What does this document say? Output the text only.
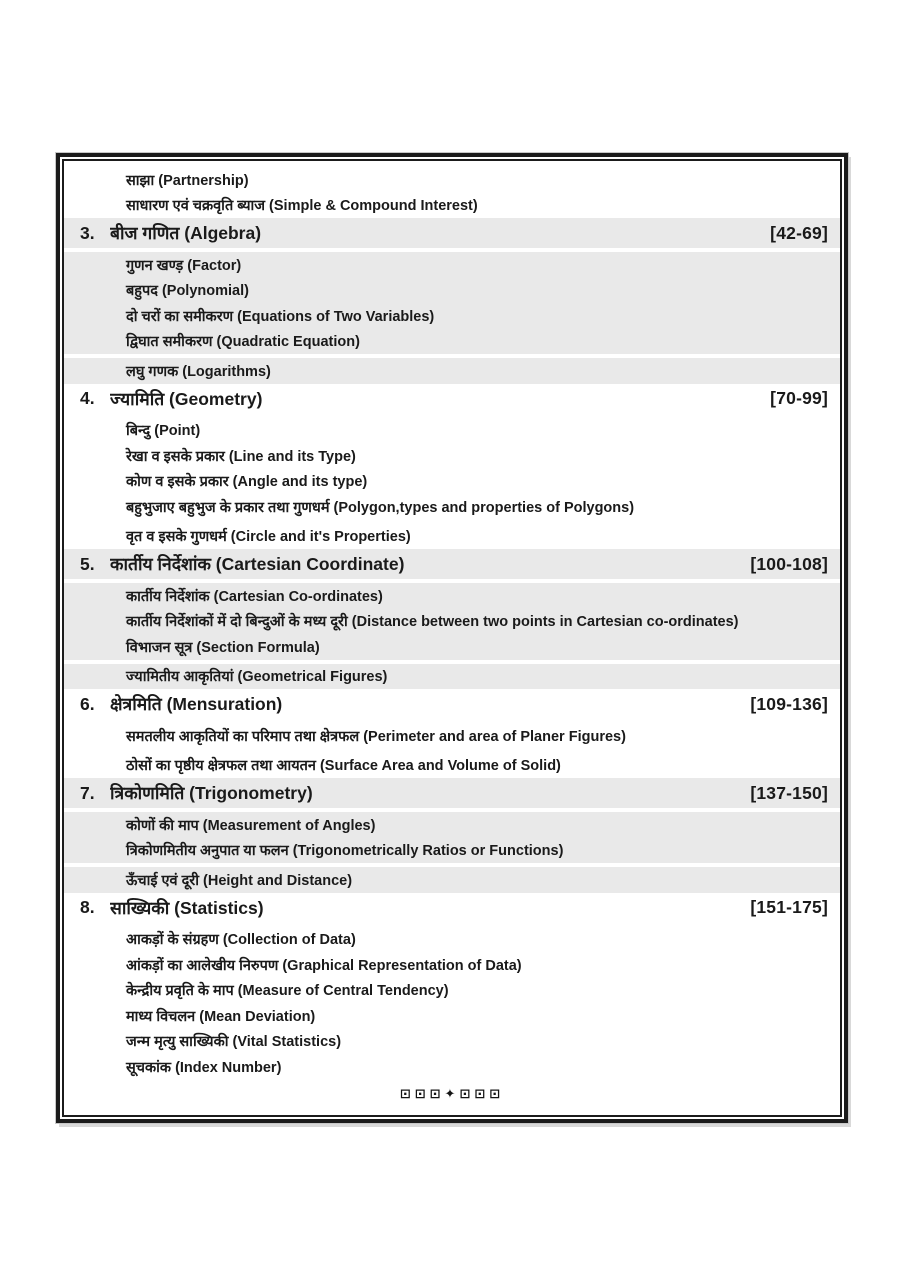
साझा (Partnership)
साधारण एवं चक्रवृति ब्याज (Simple & Compound Interest)
3. बीज गणित (Algebra)	[42-69]
गुणन खण्ड़ (Factor)
बहुपद (Polynomial)
दो चरों का समीकरण (Equations of Two Variables)
द्विघात समीकरण (Quadratic Equation)
लघु गणक (Logarithms)
4. ज्यामिति (Geometry)	[70-99]
बिन्दु (Point)
रेखा व इसके प्रकार (Line and its Type)
कोण व इसके प्रकार (Angle and its type)
बहुभुजाए बहुभुज के प्रकार तथा गुणधर्म (Polygon,types and properties of Polygons)
वृत व इसके गुणधर्म (Circle and it's Properties)
5. कार्तीय निर्देशांक (Cartesian Coordinate)	[100-108]
कार्तीय निर्देशांक (Cartesian Co-ordinates)
कार्तीय निर्देशांकों में दो बिन्दुओं के मध्य दूरी (Distance between two points in Cartesian co-ordinates)
विभाजन सूत्र (Section Formula)
ज्यामितीय आकृतियां (Geometrical Figures)
6. क्षेत्रमिति (Mensuration)	[109-136]
समतलीय आकृतियों का परिमाप तथा क्षेत्रफल (Perimeter and area of Planer Figures)
ठोसों का पृष्ठीय क्षेत्रफल तथा आयतन (Surface Area and Volume of Solid)
7. त्रिकोणमिति (Trigonometry)	[137-150]
कोणों की माप (Measurement of Angles)
त्रिकोणमितीय अनुपात या फलन (Trigonometrically Ratios or Functions)
ऊँचाई एवं दूरी (Height and Distance)
8. साख्यिकी (Statistics)	[151-175]
आकड़ों के संग्रहण (Collection of Data)
आंकड़ों का आलेखीय निरुपण (Graphical Representation of Data)
केन्द्रीय प्रवृति के माप (Measure of Central Tendency)
माध्य विचलन (Mean Deviation)
जन्म मृत्यु साख्यिकी (Vital Statistics)
सूचकांक (Index Number)
⊡⊡⊡✦⊡⊡⊡
